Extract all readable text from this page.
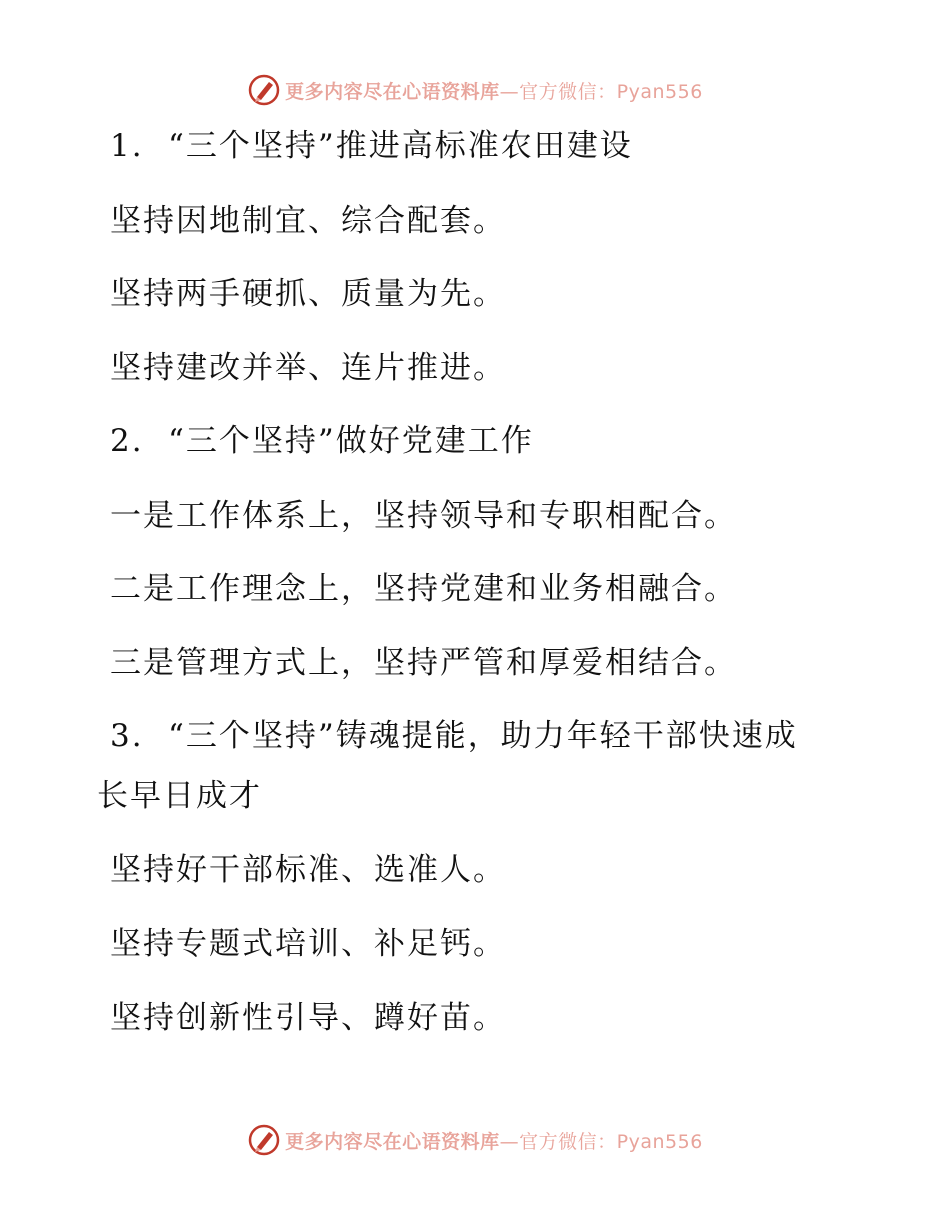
更多内容尽在心语资料库—官方微信：Pyan556
1. “三个坚持”推进高标准农田建设
坚持因地制宜、综合配套。
坚持两手硬抓、质量为先。
坚持建改并举、连片推进。
2. “三个坚持”做好党建工作
一是工作体系上，坚持领导和专职相配合。
二是工作理念上，坚持党建和业务相融合。
三是管理方式上，坚持严管和厚爱相结合。
3. “三个坚持”铸魂提能，助力年轻干部快速成
长早日成才
坚持好干部标准、选准人。
坚持专题式培训、补足钙。
坚持创新性引导、蹲好苗。
更多内容尽在心语资料库—官方微信：Pyan556
